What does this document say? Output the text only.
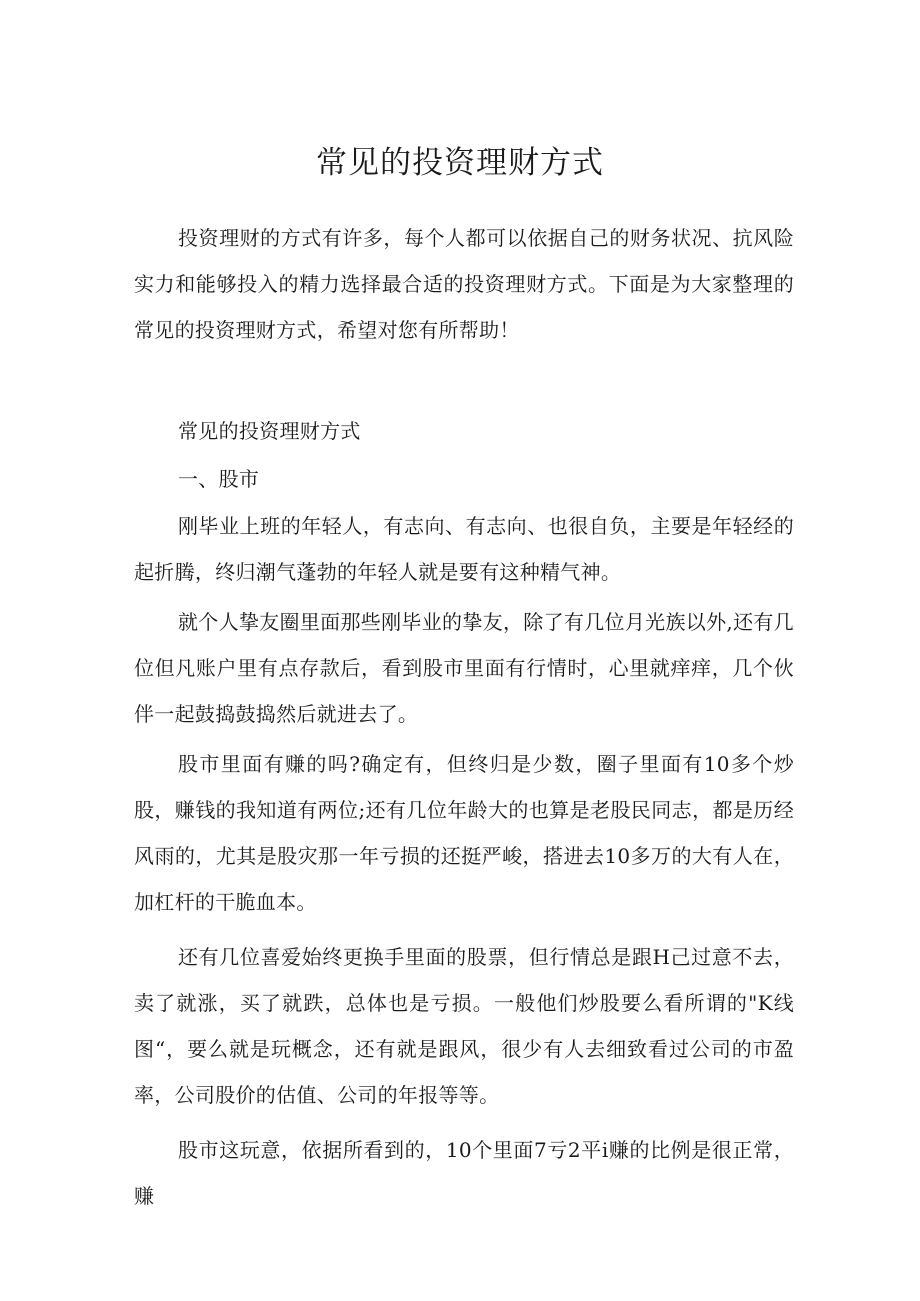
常见的投资理财方式

投资理财的方式有许多，每个人都可以依据自己的财务状况、抗风险实力和能够投入的精力选择最合适的投资理财方式。下面是为大家整理的常见的投资理财方式，希望对您有所帮助！

常见的投资理财方式

一、股市

刚毕业上班的年轻人，有志向、有志向、也很自负，主要是年轻经的起折腾，终归潮气蓬勃的年轻人就是要有这种精气神。

就个人挚友圈里面那些刚毕业的挚友，除了有几位月光族以外,还有几位但凡账户里有点存款后，看到股市里面有行情时，心里就痒痒，几个伙伴一起鼓捣鼓捣然后就进去了。

股市里面有赚的吗?确定有，但终归是少数，圈子里面有10多个炒股，赚钱的我知道有两位;还有几位年龄大的也算是老股民同志，都是历经风雨的，尤其是股灾那一年亏损的还挺严峻，搭进去10多万的大有人在，加杠杆的干脆血本。

还有几位喜爱始终更换手里面的股票，但行情总是跟H己过意不去，卖了就涨，买了就跌，总体也是亏损。一般他们炒股要么看所谓的"K线图“，要么就是玩概念，还有就是跟风，很少有人去细致看过公司的市盈率，公司股价的估值、公司的年报等等。

股市这玩意，依据所看到的，10个里面7亏2平i赚的比例是很正常，赚
